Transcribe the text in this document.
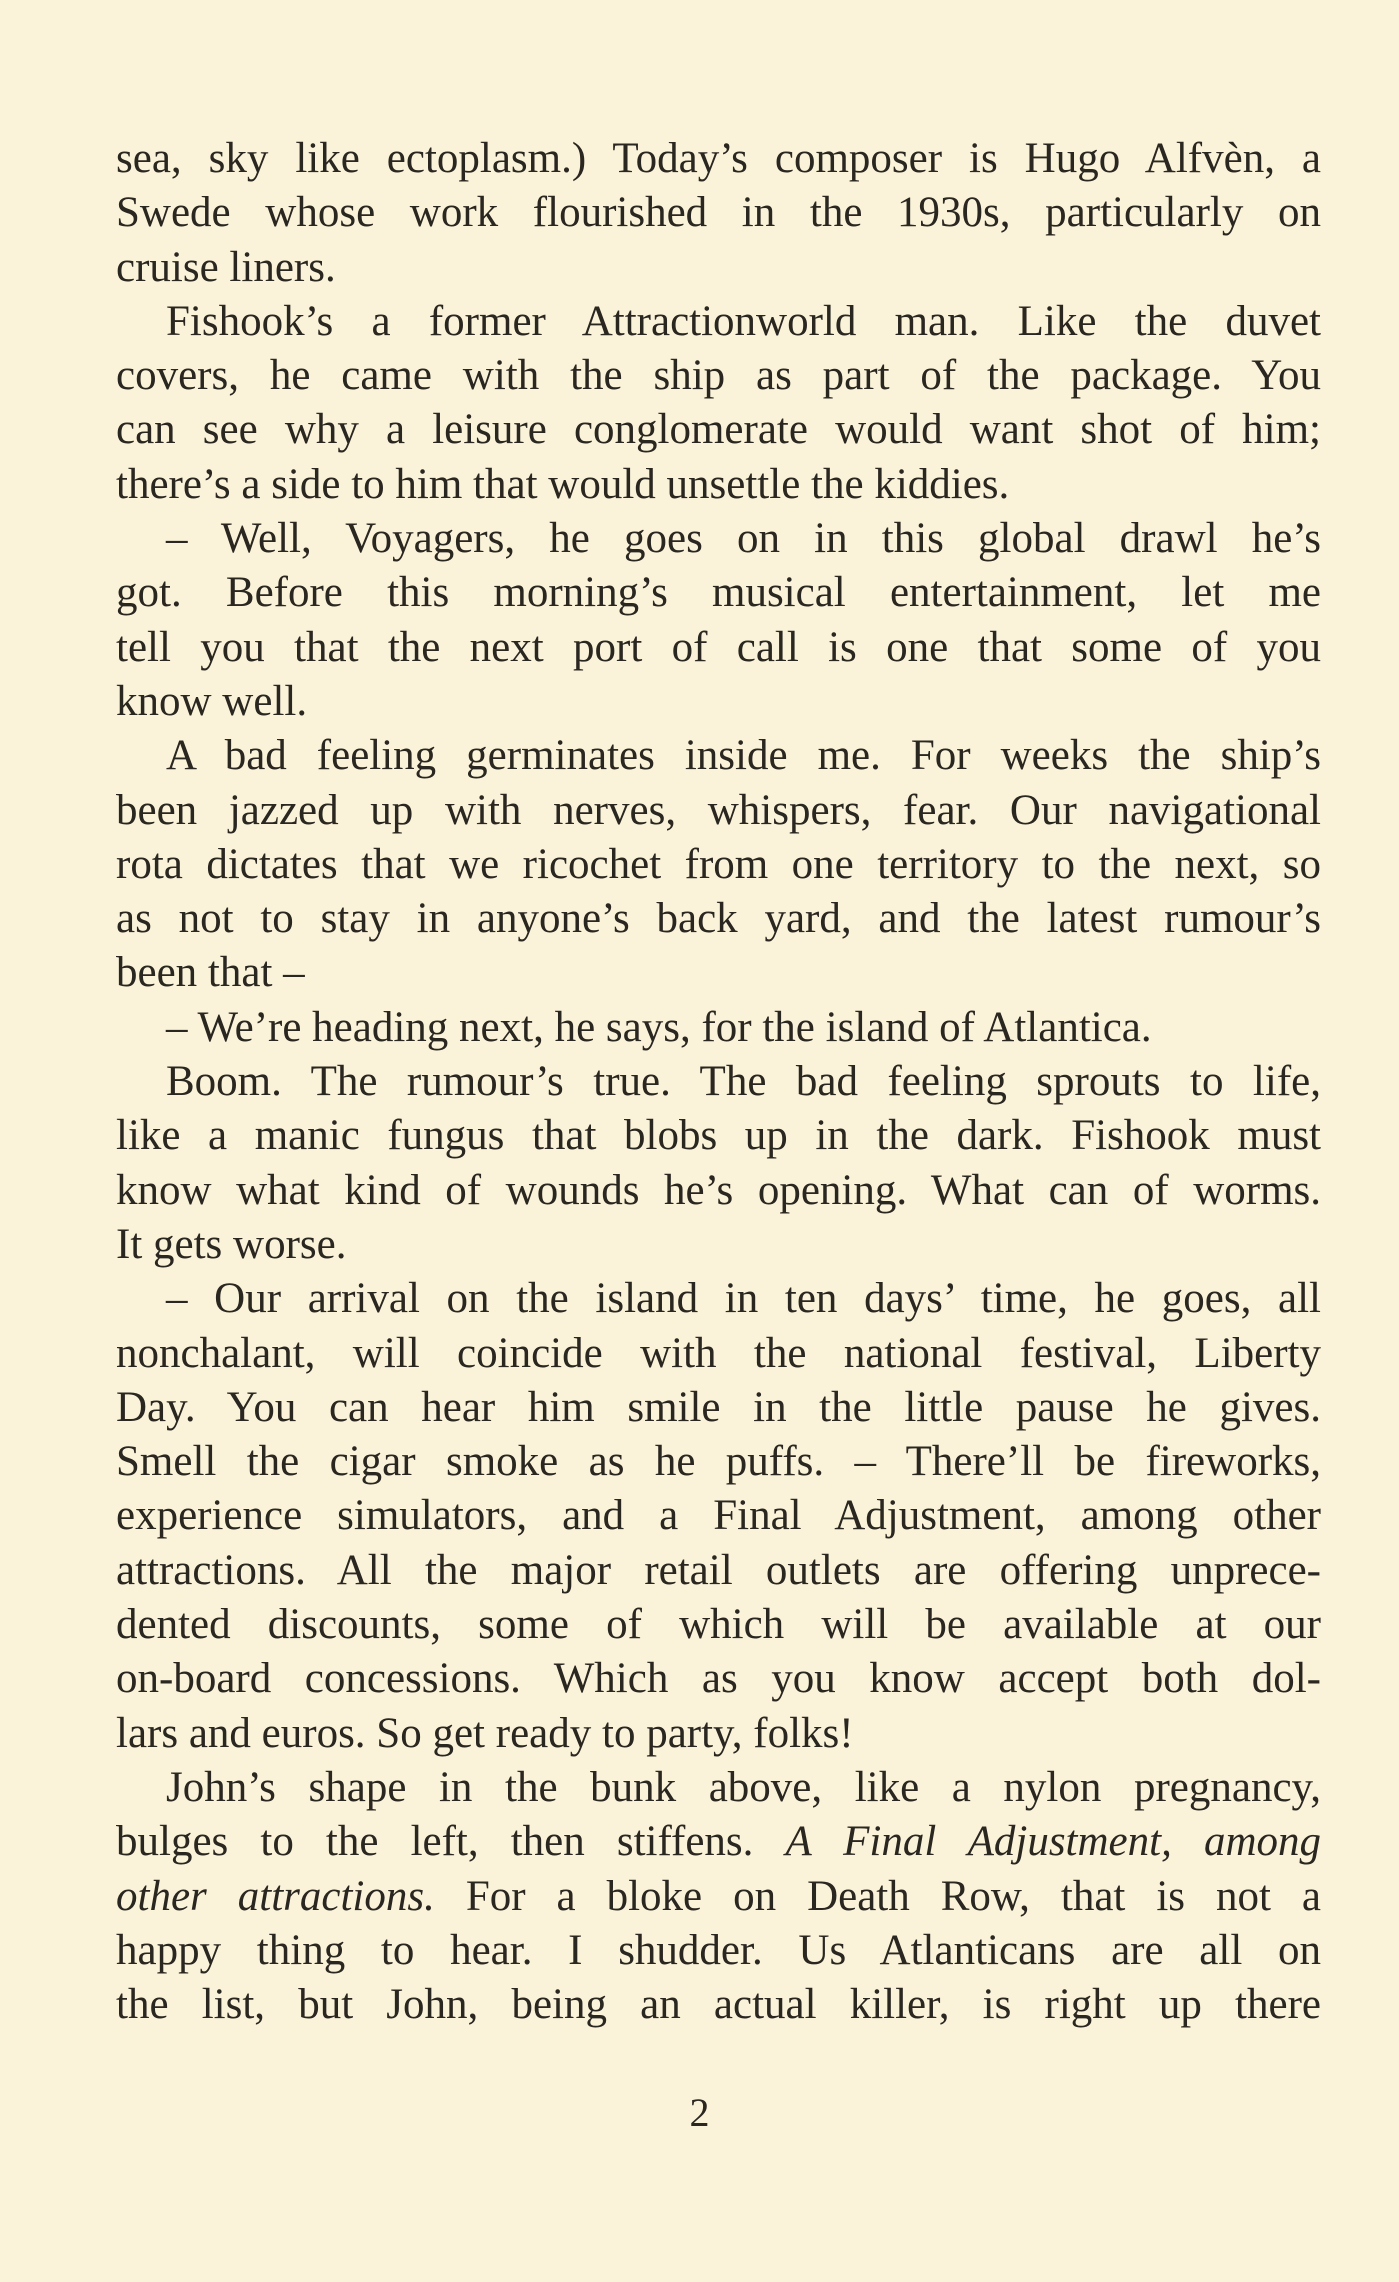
sea, sky like ectoplasm.) Today’s composer is Hugo Alfvèn, a
Swede whose work flourished in the 1930s, particularly on
cruise liners.
Fishook’s a former Attractionworld man. Like the duvet
covers, he came with the ship as part of the package. You
can see why a leisure conglomerate would want shot of him;
there’s a side to him that would unsettle the kiddies.
– Well, Voyagers, he goes on in this global drawl he’s
got. Before this morning’s musical entertainment, let me
tell you that the next port of call is one that some of you
know well.
A bad feeling germinates inside me. For weeks the ship’s
been jazzed up with nerves, whispers, fear. Our navigational
rota dictates that we ricochet from one territory to the next, so
as not to stay in anyone’s back yard, and the latest rumour’s
been that –
– We’re heading next, he says, for the island of Atlantica.
Boom. The rumour’s true. The bad feeling sprouts to life,
like a manic fungus that blobs up in the dark. Fishook must
know what kind of wounds he’s opening. What can of worms.
It gets worse.
– Our arrival on the island in ten days’ time, he goes, all
nonchalant, will coincide with the national festival, Liberty
Day. You can hear him smile in the little pause he gives.
Smell the cigar smoke as he puffs. – There’ll be fireworks,
experience simulators, and a Final Adjustment, among other
attractions. All the major retail outlets are offering unprece-
dented discounts, some of which will be available at our
on-board concessions. Which as you know accept both dol-
lars and euros. So get ready to party, folks!
John’s shape in the bunk above, like a nylon pregnancy,
bulges to the left, then stiffens. A Final Adjustment, among
other attractions. For a bloke on Death Row, that is not a
happy thing to hear. I shudder. Us Atlanticans are all on
the list, but John, being an actual killer, is right up there
2
